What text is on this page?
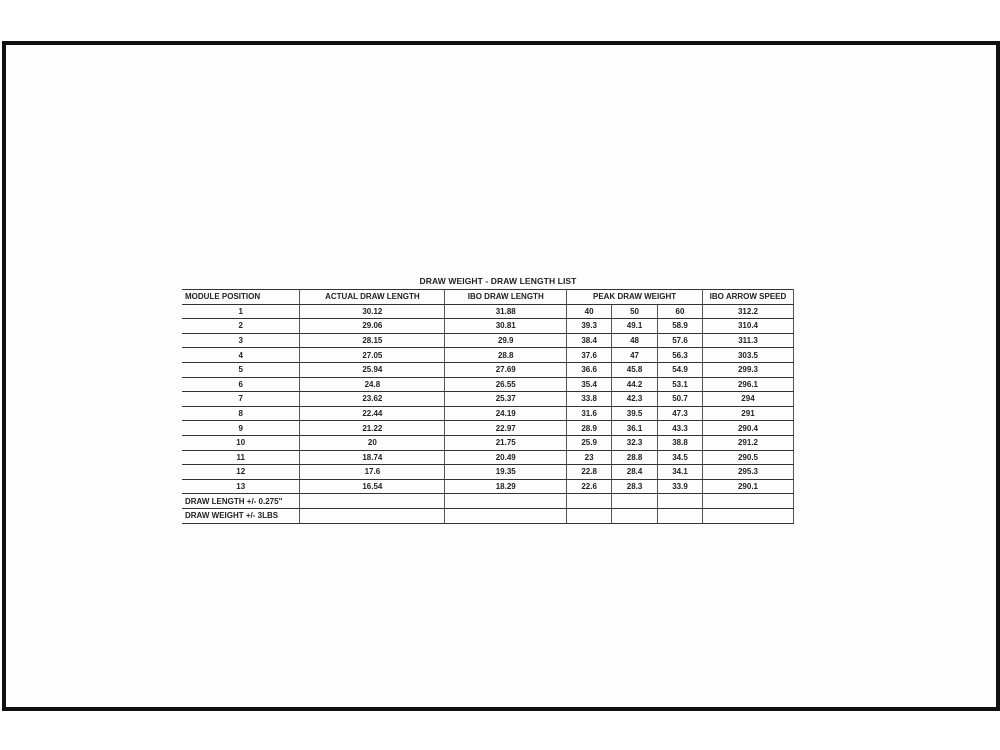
DRAW WEIGHT - DRAW LENGTH LIST
MODULE POSITION	ACTUAL DRAW LENGTH	IBO DRAW LENGTH	PEAK DRAW WEIGHT			IBO ARROW SPEED
1	30.12	31.88	40	50	60	312.2
2	29.06	30.81	39.3	49.1	58.9	310.4
3	28.15	29.9	38.4	48	57.6	311.3
4	27.05	28.8	37.6	47	56.3	303.5
5	25.94	27.69	36.6	45.8	54.9	299.3
6	24.8	26.55	35.4	44.2	53.1	296.1
7	23.62	25.37	33.8	42.3	50.7	294
8	22.44	24.19	31.6	39.5	47.3	291
9	21.22	22.97	28.9	36.1	43.3	290.4
10	20	21.75	25.9	32.3	38.8	291.2
11	18.74	20.49	23	28.8	34.5	290.5
12	17.6	19.35	22.8	28.4	34.1	295.3
13	16.54	18.29	22.6	28.3	33.9	290.1
DRAW LENGTH +/- 0.275"						
DRAW WEIGHT +/- 3LBS						
